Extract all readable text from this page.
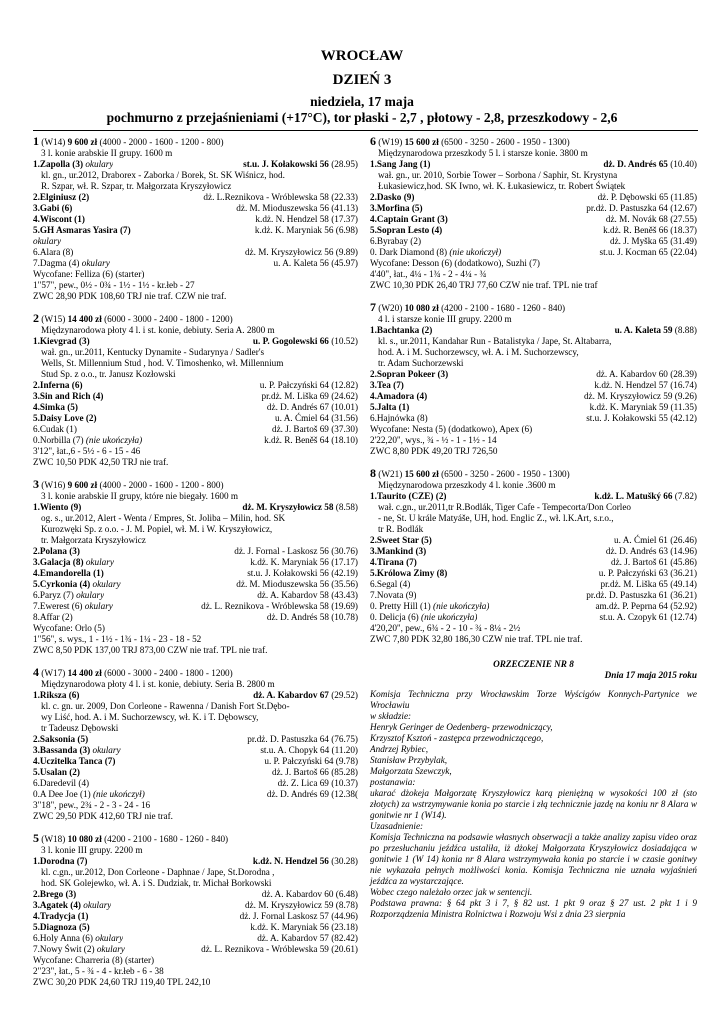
WROCŁAW
DZIEŃ 3
niedziela, 17 maja
pochmurno z przejaśnieniami (+17°C), tor płaski - 2,7 , płotowy - 2,8, przeszkodowy - 2,6
1 (W14) 9 600 zł (4000 - 2000 - 1600 - 1200 - 800)
3 l. konie arabskie II grupy. 1600 m
1.Zapolla (3) okulary	st.u. J. Kołakowski 56 (28.95)
kl. gn., ur.2012, Draborex - Zaborka / Borek, St. SK Wiśnicz, hod.
R. Szpar, wł. R. Szpar, tr. Małgorzata Kryszyłowicz
2.Elginiusz (2)	dż. L.Reznikova - Wróblewska 58 (22.33)
3.Gabi (6)	dż. M. Mioduszewska 56 (41.13)
4.Wiscont (1)	k.dż. N. Hendzel 58 (17.37)
5.GH Asmaras Yasira (7)	k.dż. K. Maryniak 56 (6.98)
okulary
6.Alara (8)	dż. M. Kryszyłowicz 56 (9.89)
7.Dagma (4) okulary	u. A. Kaleta 56 (45.97)
Wycofane: Felliza (6) (starter)
1"57", pew., 0½ - 0¾ - 1½ - 1½ - kr.łeb - 27
ZWC 28,90 PDK 108,60 TRJ nie traf. CZW nie traf.
2 (W15) 14 400 zł (6000 - 3000 - 2400 - 1800 - 1200)
Międzynarodowa płoty 4 l. i st. konie, debiuty. Seria A. 2800 m
1.Kievgrad (3)	u. P. Gogolewski 66 (10.52)
wał. gn., ur.2011, Kentucky Dynamite - Sudarynya / Sadler's
Wells, St. Millennium Stud , hod. V. Timoshenko, wł. Millennium
Stud Sp. z o.o., tr. Janusz Kozłowski
2.Inferna (6)	u. P. Pałczyński 64 (12.82)
3.Sin and Rich (4)	pr.dż. M. Liška 69 (24.62)
4.Simka (5)	dż. D. Andrés 67 (10.01)
5.Daisy Love (2)	u. A. Ćmiel 64 (31.56)
6.Cudak (1)	dż. J. Bartoš 69 (37.30)
0.Norbilla (7) (nie ukończyła)	k.dż. R. Beněš 64 (18.10)
3'12", łat.,6 - 5½ - 6 - 15 - 46
ZWC 10,50 PDK 42,50 TRJ nie traf.
3 (W16) 9 600 zł (4000 - 2000 - 1600 - 1200 - 800)
3 l. konie arabskie II grupy, które nie biegały. 1600 m
1.Wiento (9)	dż. M. Kryszyłowicz 58 (8.58)
og. s., ur.2012, Alert - Wenta / Empres, St. Joliba – Milin, hod. SK
Kurozwęki Sp. z o.o. - J. M. Popiel, wł. M. i W. Kryszyłowicz,
tr. Małgorzata Kryszyłowicz
2.Polana (3)	dż. J. Fornal - Laskosz 56 (30.76)
3.Galacja (8) okulary	k.dż. K. Maryniak 56 (17.17)
4.Emandorella (1)	st.u. J. Kołakowski 56 (42.19)
5.Cyrkonia (4) okulary	dż. M. Mioduszewska 56 (35.56)
6.Paryz (7) okulary	dż. A. Kabardov 58 (43.43)
7.Ewerest (6) okulary	dż. L. Reznikova - Wróblewska 58 (19.69)
8.Affar (2)	dż. D. Andrés 58 (10.78)
Wycofane: Orlo (5)
1"56", s. wys., 1 - 1½ - 1¾ - 1¼ - 23 - 18 - 52
ZWC 8,50 PDK 137,00 TRJ 873,00 CZW nie traf. TPL nie traf.
4 (W17) 14 400 zł (6000 - 3000 - 2400 - 1800 - 1200)
Międzynarodowa płoty 4 l. i st. konie, debiuty. Seria B. 2800 m
1.Riksza (6)	dż. A. Kabardov 67 (29.52)
kl. c. gn. ur. 2009, Don Corleone - Rawenna / Danish Fort St.Dębo-
wy Liść, hod. A. i M. Suchorzewscy, wł. K. i T. Dębowscy,
tr Tadeusz Dębowski
2.Saksonia (5)	pr.dż. D. Pastuszka 64 (76.75)
3.Bassanda (3) okulary	st.u. A. Chopyk 64 (11.20)
4.Uczitelka Tanca (7)	u. P. Pałczyński 64 (9.78)
5.Usalan (2)	dż. J. Bartoš 66 (85.28)
6.Daredevil (4)	dż. Z. Lica 69 (10.37)
0.A Dee Joe (1) (nie ukończył)	dż. D. Andrés 69 (12.38(
3"18", pew., 2¾ - 2 - 3 - 24 - 16
ZWC 29,50 PDK 412,60 TRJ nie traf.
5 (W18) 10 080 zł (4200 - 2100 - 1680 - 1260 - 840)
3 l. konie III grupy. 2200 m
1.Dorodna (7)	k.dż. N. Hendzel 56 (30.28)
kl. c.gn., ur.2012, Don Corleone - Daphnae / Jape, St.Dorodna ,
hod. SK Golejewko, wł. A. i S. Dudziak, tr. Michał Borkowski
2.Brego (3)	dż. A. Kabardov 60 (6.48)
3.Agatek (4) okulary	dż. M. Kryszyłowicz 59 (8.78)
4.Tradycja (1)	dż. J. Fornal Laskosz 57 (44.96)
5.Diagnoza (5)	k.dż. K. Maryniak 56 (23.18)
6.Holy Anna (6) okulary	dż. A. Kabardov 57 (82.42)
7.Nowy Świt (2) okulary	dż. L. Reznikova - Wróblewska 59 (20.61)
Wycofane: Charreria (8) (starter)
2"23", łat., 5 - ¾ - 4 - kr.łeb - 6 - 38
ZWC 30,20 PDK 24,60 TRJ 119,40 TPL 242,10
6 (W19) 15 600 zł (6500 - 3250 - 2600 - 1950 - 1300)
Międzynarodowa przeszkody 5 l. i starsze konie. 3800 m
1.Sang Jang (1)	dż. D. Andrés 65 (10.40)
wał. gn., ur. 2010, Sorbie Tower – Sorbona / Saphir, St. Krystyna
Łukasiewicz,hod. SK Iwno, wł. K. Łukasiewicz, tr. Robert Świątek
2.Dasko (9)	dż. P. Dębowski 65 (11.85)
3.Morfina (5)	pr.dż. D. Pastuszka 64 (12.67)
4.Captain Grant (3)	dż. M. Novák 68 (27.55)
5.Sopran Lesto (4)	k.dż. R. Beněš 66 (18.37)
6.Byrabay (2)	dż. J. Myška 65 (31.49)
0. Dark Diamond (8) (nie ukończył)	st.u. J. Kocman 65 (22.04)
Wycofane: Desson (6) (dodatkowo), Suzhi (7)
4'40", łat., 4¼ - 1¾ - 2 - 4¼ - ¾
ZWC 10,30 PDK 26,40 TRJ 77,60 CZW nie traf. TPL nie traf
7 (W20) 10 080 zł (4200 - 2100 - 1680 - 1260 - 840)
4 l. i starsze konie III grupy. 2200 m
1.Bachtanka (2)	u. A. Kaleta 59 (8.88)
kl. s., ur.2011, Kandahar Run - Batalistyka / Jape, St. Altabarra,
hod. A. i M. Suchorzewscy, wł. A. i M. Suchorzewscy,
tr. Adam Suchorzewski
2.Sopran Pokeer (3)	dż. A. Kabardov 60 (28.39)
3.Tea (7)	k.dż. N. Hendzel 57 (16.74)
4.Amadora (4)	dż. M. Kryszyłowicz 59 (9.26)
5.Jalta (1)	k.dż. K. Maryniak 59 (11.35)
6.Hajnówka (8)	st.u. J. Kołakowski 55 (42.12)
Wycofane: Nesta (5) (dodatkowo), Apex (6)
2'22,20", wys., ¾ - ½ - 1 - 1½ - 14
ZWC 8,80 PDK 49,20 TRJ 726,50
8 (W21) 15 600 zł (6500 - 3250 - 2600 - 1950 - 1300)
Międzynarodowa przeszkody 4 l. konie .3600 m
1.Taurito (CZE) (2)	k.dż. L. Matušký 66 (7.82)
wał. c.gn., ur.2011,tr R.Bodlák, Tiger Cafe - Tempecorta/Don Corleo
- ne, St. U krále Matyáše, UH, hod. Englic Z., wł. l.K.Art, s.r.o.,
tr R. Bodlák
2.Sweet Star (5)	u. A. Ćmiel 61 (26.46)
3.Mankind (3)	dż. D. Andrés 63 (14.96)
4.Tirana (7)	dż. J. Bartoš 61 (45.86)
5.Królowa Zimy (8)	u. P. Pałczyński 63 (36.21)
6.Segal (4)	pr.dż. M. Liška 65 (49.14)
7.Novata (9)	pr.dż. D. Pastuszka 61 (36.21)
0. Pretty Hill (1) (nie ukończyła)	am.dż. P. Peprna 64 (52.92)
0. Delicja (6) (nie ukończyła)	st.u. A. Czopyk 61 (12.74)
4'20,20", pew., 6¾ - 2 - 10 - ¾ - 8¼ - 2½
ZWC 7,80 PDK 32,80 186,30 CZW nie traf. TPL nie traf.
ORZECZENIE NR 8
Dnia 17 maja 2015 roku
Komisja Techniczna przy Wrocławskim Torze Wyścigów Konnych-Partynice we Wrocławiu
w składzie:
Henryk Geringer de Oedenberg- przewodniczący,
Krzysztof Ksztoń - zastępca przewodniczącego,
Andrzej Rybiec,
Stanisław Przybylak,
Małgorzata Szewczyk,
postanawia:
ukarać dżokeja Małgorzatę Kryszyłowicz karą pieniężną w wysokości 100 zł (sto złotych) za wstrzymywanie konia po starcie i złą technicznie jazdę na koniu nr 8 Alara w gonitwie nr 1 (W14).
Uzasadnienie:
Komisja Techniczna na podsawie własnych obserwacji a także analizy zapisu video oraz po przesłuchaniu jeźdźca ustaliła, iż dżokej Małgorzata Kryszyłowicz dosiadająca w gonitwie 1 (W 14) konia nr 8 Alara wstrzymywała konia po starcie i w czasie gonitwy nie wykazała pełnych możliwości konia. Komisja Techniczna nie uznała wyjaśnień jeźdźca za wystarczające.
Wobec czego należało orzec jak w sentencji.
Podstawa prawna: § 64 pkt 3 i 7, § 82 ust. 1 pkt 9 oraz § 27 ust. 2 pkt 1 i 9 Rozporządzenia Ministra Rolnictwa i Rozwoju Wsi z dnia 23 sierpnia
